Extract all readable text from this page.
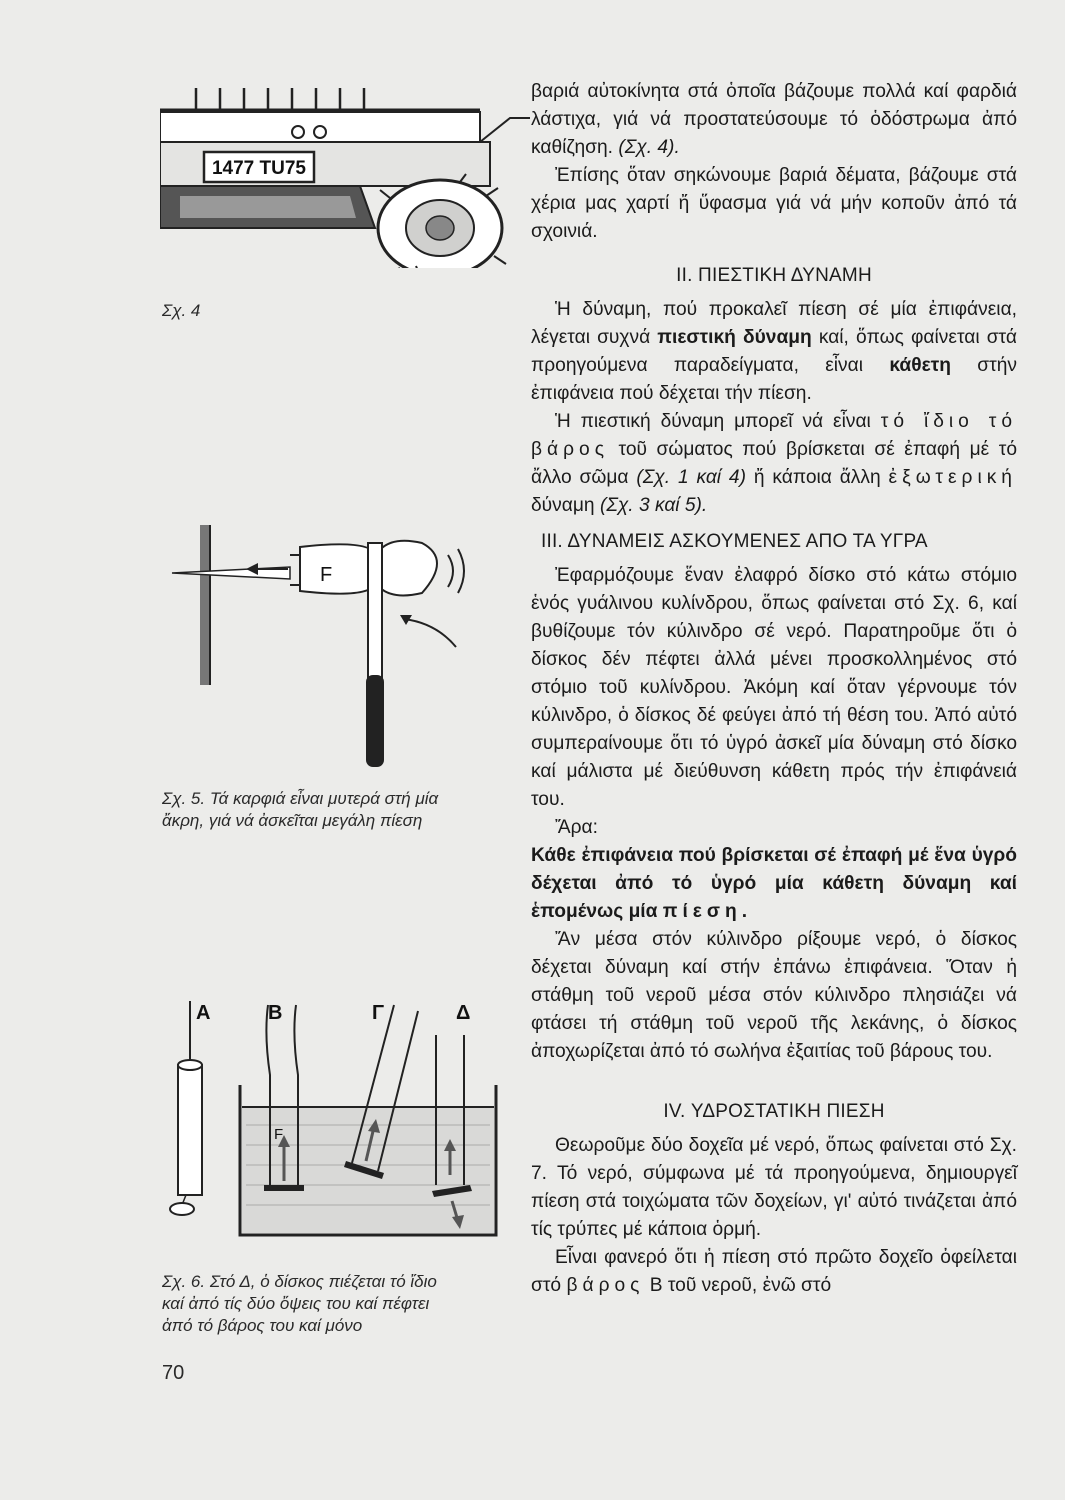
1477 TU75
Σχ. 4
F
Σχ. 5. Τά καρφιά εἶναι μυτερά στή μία
ἄκρη, γιά νά ἀσκεῖται μεγάλη πίεση
Α	Β	Γ	Δ
F
Σχ. 6. Στό Δ, ὁ δίσκος πιέζεται τό ἴδιο
καί ἀπό τίς δύο ὄψεις του καί πέφτει
ἀπό τό βάρος του καί μόνο
70

βαριά αὐτοκίνητα στά ὁποῖα βάζουμε πολλά καί φαρδιά λάστιχα, γιά νά προστατεύσουμε τό ὁδόστρωμα ἀπό καθίζηση. (Σχ. 4).

Ἐπίσης ὅταν σηκώνουμε βαριά δέματα, βάζουμε στά χέρια μας χαρτί ἤ ὕφασμα γιά νά μήν κοποῦν ἀπό τά σχοινιά.

ΙΙ. ΠΙΕΣΤΙΚΗ ΔΥΝΑΜΗ

Ἡ δύναμη, πού προκαλεῖ πίεση σέ μία ἐπιφάνεια, λέγεται συχνά πιεστική δύναμη καί, ὅπως φαίνεται στά προηγούμενα παραδείγματα, εἶναι κάθετη στήν ἐπιφάνεια πού δέχεται τήν πίεση.

Ἡ πιεστική δύναμη μπορεῖ νά εἶναι τό ἴδιο τό βάρος τοῦ σώματος πού βρίσκεται σέ ἐπαφή μέ τό ἄλλο σῶμα (Σχ. 1 καί 4) ἤ κάποια ἄλλη ἐξωτερική δύναμη (Σχ. 3 καί 5).

ΙΙΙ. ΔΥΝΑΜΕΙΣ ΑΣΚΟΥΜΕΝΕΣ ΑΠΟ ΤΑ ΥΓΡΑ

Ἐφαρμόζουμε ἕναν ἐλαφρό δίσκο στό κάτω στόμιο ἑνός γυάλινου κυλίνδρου, ὅπως φαίνεται στό Σχ. 6, καί βυθίζουμε τόν κύλινδρο σέ νερό. Παρατηροῦμε ὅτι ὁ δίσκος δέν πέφτει ἀλλά μένει προσκολλημένος στό στόμιο τοῦ κυλίνδρου. Ἀκόμη καί ὅταν γέρνουμε τόν κύλινδρο, ὁ δίσκος δέ φεύγει ἀπό τή θέση του. Ἀπό αὐτό συμπεραίνουμε ὅτι τό ὑγρό ἀσκεῖ μία δύναμη στό δίσκο καί μάλιστα μέ διεύθυνση κάθετη πρός τήν ἐπιφάνειά του.

Ἄρα:

Κάθε ἐπιφάνεια πού βρίσκεται σέ ἐπαφή μέ ἕνα ὑγρό δέχεται ἀπό τό ὑγρό μία κάθετη δύναμη καί ἑπομένως μία πίεση.

Ἄν μέσα στόν κύλινδρο ρίξουμε νερό, ὁ δίσκος δέχεται δύναμη καί στήν ἐπάνω ἐπιφάνεια. Ὅταν ἡ στάθμη τοῦ νεροῦ μέσα στόν κύλινδρο πλησιάζει νά φτάσει τή στάθμη τοῦ νεροῦ τῆς λεκάνης, ὁ δίσκος ἀποχωρίζεται ἀπό τό σωλήνα ἐξαιτίας τοῦ βάρους του.

IV. ΥΔΡΟΣΤΑΤΙΚΗ ΠΙΕΣΗ

Θεωροῦμε δύο δοχεῖα μέ νερό, ὅπως φαίνεται στό Σχ. 7. Τό νερό, σύμφωνα μέ τά προηγούμενα, δημιουργεῖ πίεση στά τοιχώματα τῶν δοχείων, γι' αὐτό τινάζεται ἀπό τίς τρύπες μέ κάποια ὁρμή.

Εἶναι φανερό ὅτι ἡ πίεση στό πρῶτο δοχεῖο ὀφείλεται στό βάρος Β τοῦ νεροῦ, ἐνῶ στό
